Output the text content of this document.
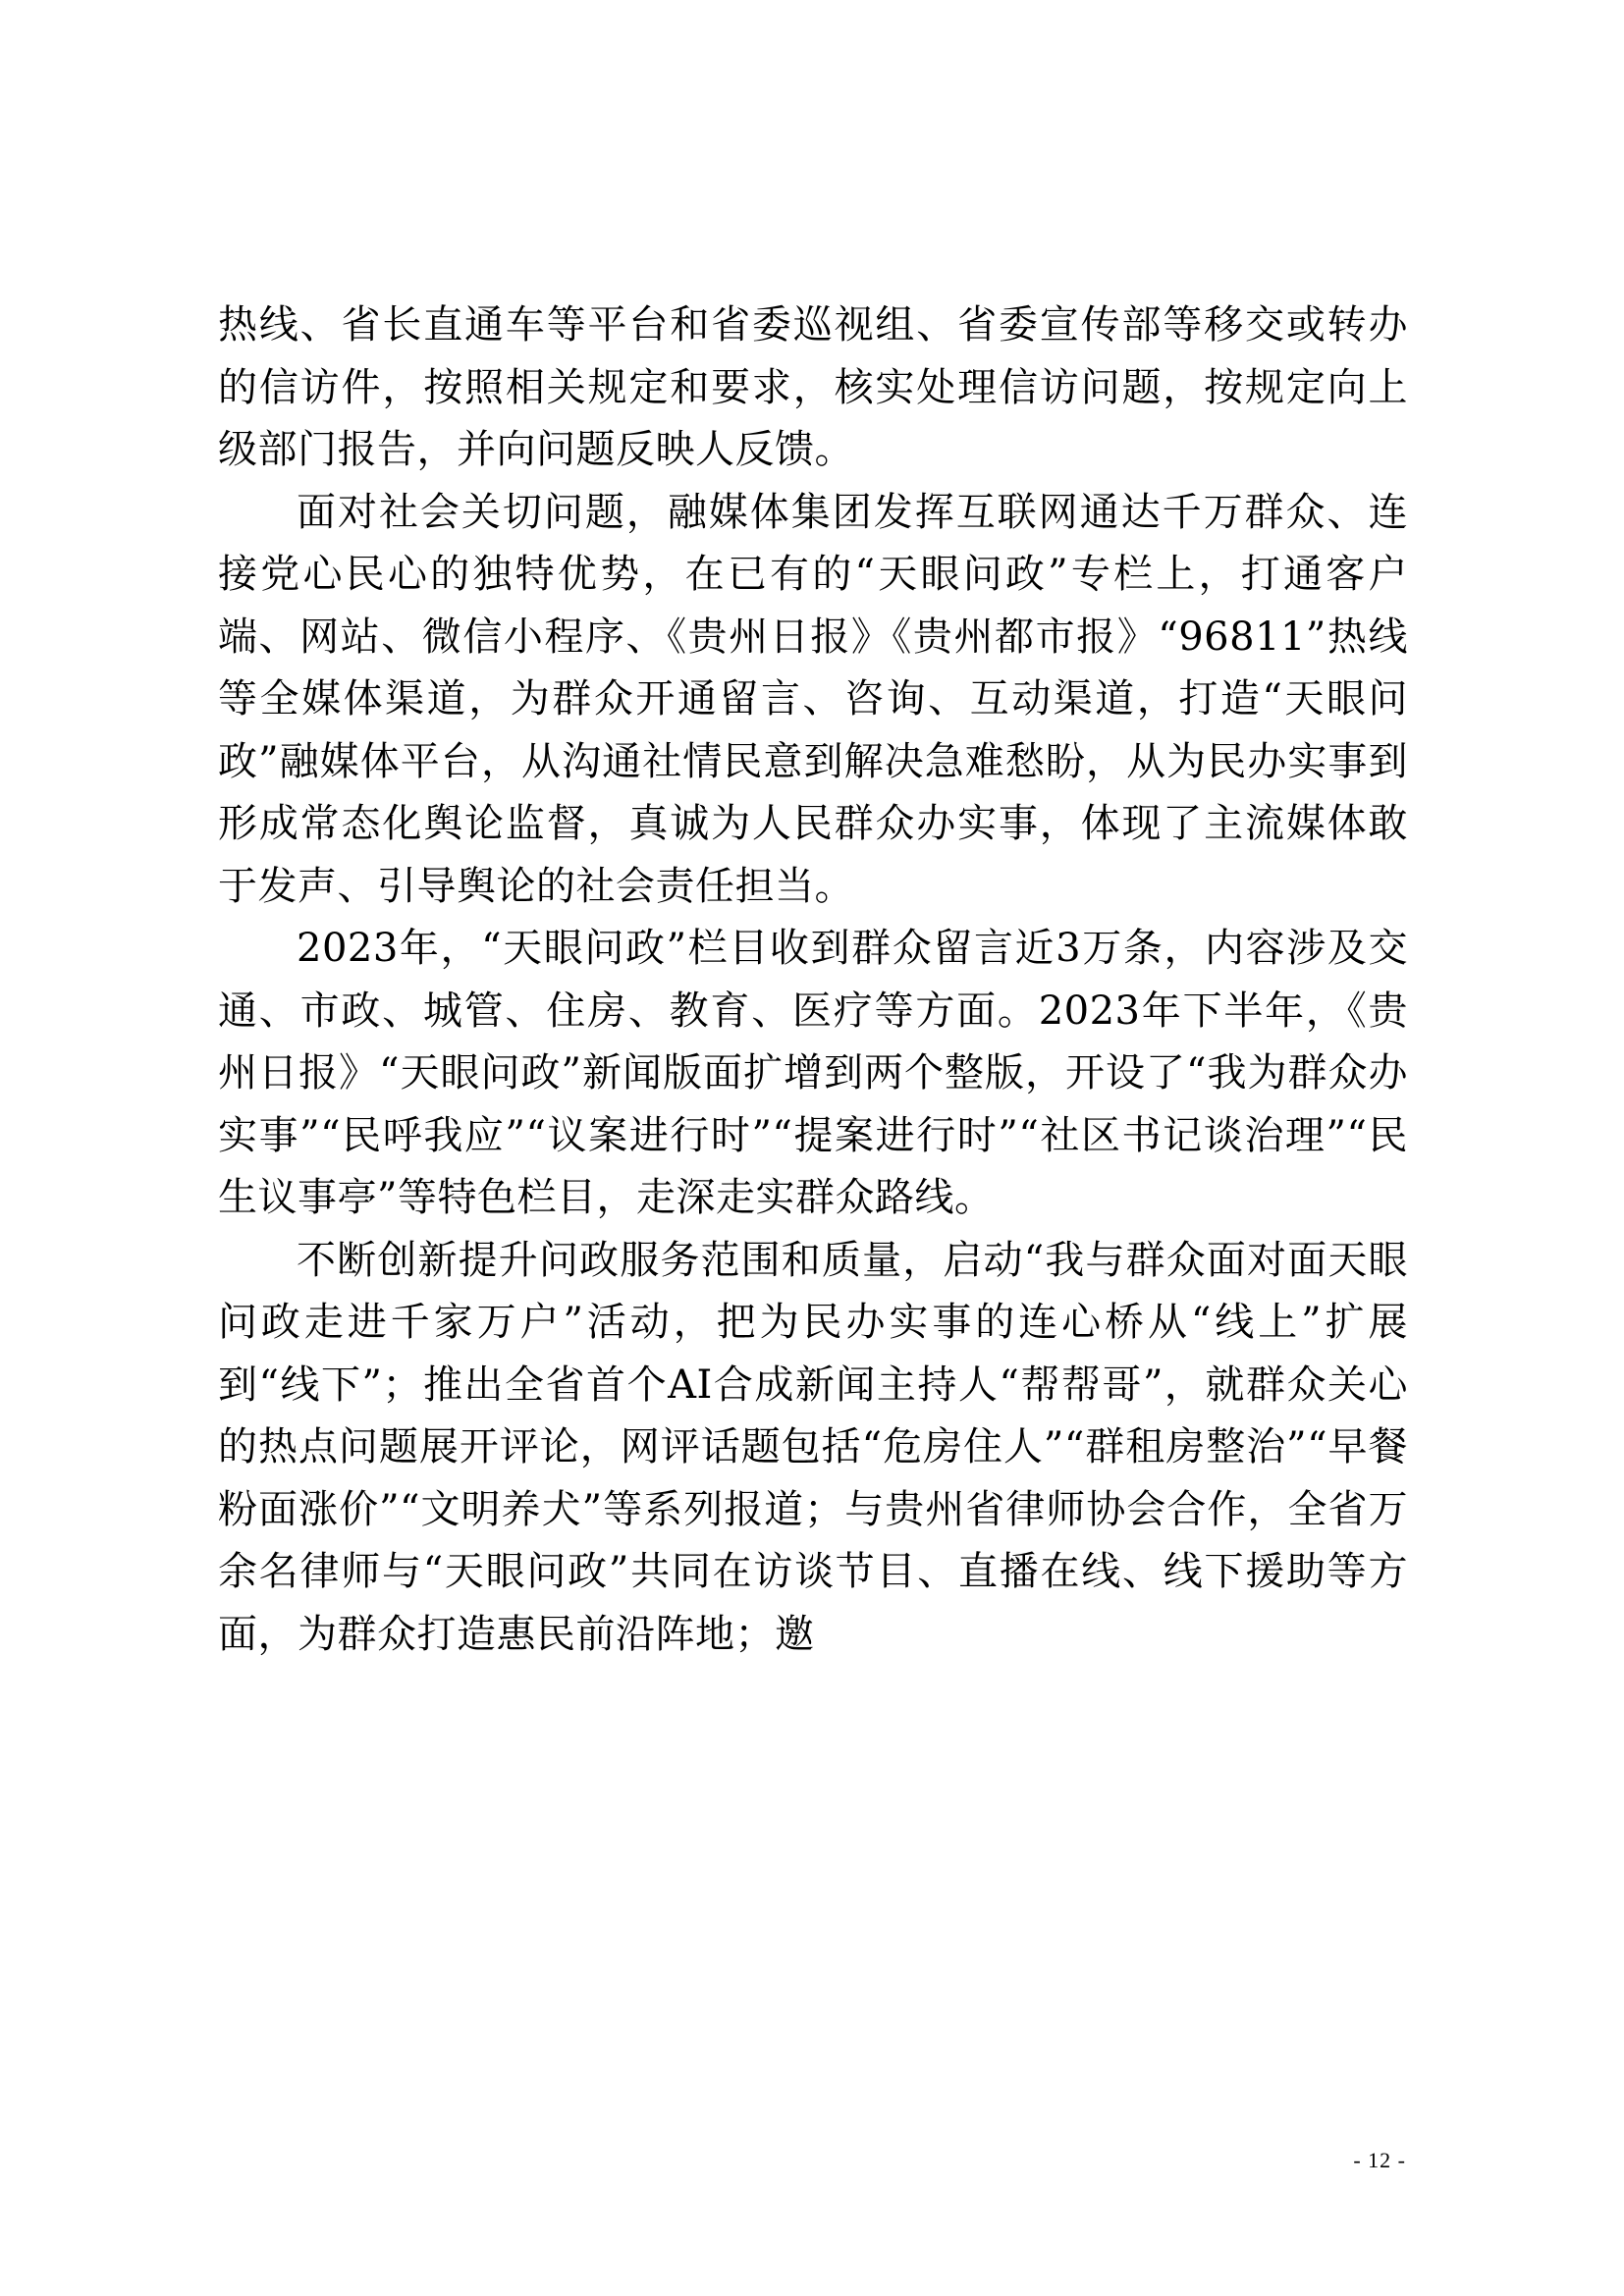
热线、省长直通车等平台和省委巡视组、省委宣传部等移交或转办的信访件，按照相关规定和要求，核实处理信访问题，按规定向上级部门报告，并向问题反映人反馈。

面对社会关切问题，融媒体集团发挥互联网通达千万群众、连接党心民心的独特优势，在已有的“天眼问政”专栏上，打通客户端、网站、微信小程序、《贵州日报》《贵州都市报》“96811”热线等全媒体渠道，为群众开通留言、咨询、互动渠道，打造“天眼问政”融媒体平台，从沟通社情民意到解决急难愁盼，从为民办实事到形成常态化舆论监督，真诚为人民群众办实事，体现了主流媒体敢于发声、引导舆论的社会责任担当。

2023年，“天眼问政”栏目收到群众留言近3万条，内容涉及交通、市政、城管、住房、教育、医疗等方面。2023年下半年，《贵州日报》“天眼问政”新闻版面扩增到两个整版，开设了“我为群众办实事”“民呼我应”“议案进行时”“提案进行时”“社区书记谈治理”“民生议事亭”等特色栏目，走深走实群众路线。

不断创新提升问政服务范围和质量，启动“我与群众面对面天眼问政走进千家万户”活动，把为民办实事的连心桥从“线上”扩展到“线下”；推出全省首个AI合成新闻主持人“帮帮哥”，就群众关心的热点问题展开评论，网评话题包括“危房住人”“群租房整治”“早餐粉面涨价”“文明养犬”等系列报道；与贵州省律师协会合作，全省万余名律师与“天眼问政”共同在访谈节目、直播在线、线下援助等方面，为群众打造惠民前沿阵地；邀

- 12 -
